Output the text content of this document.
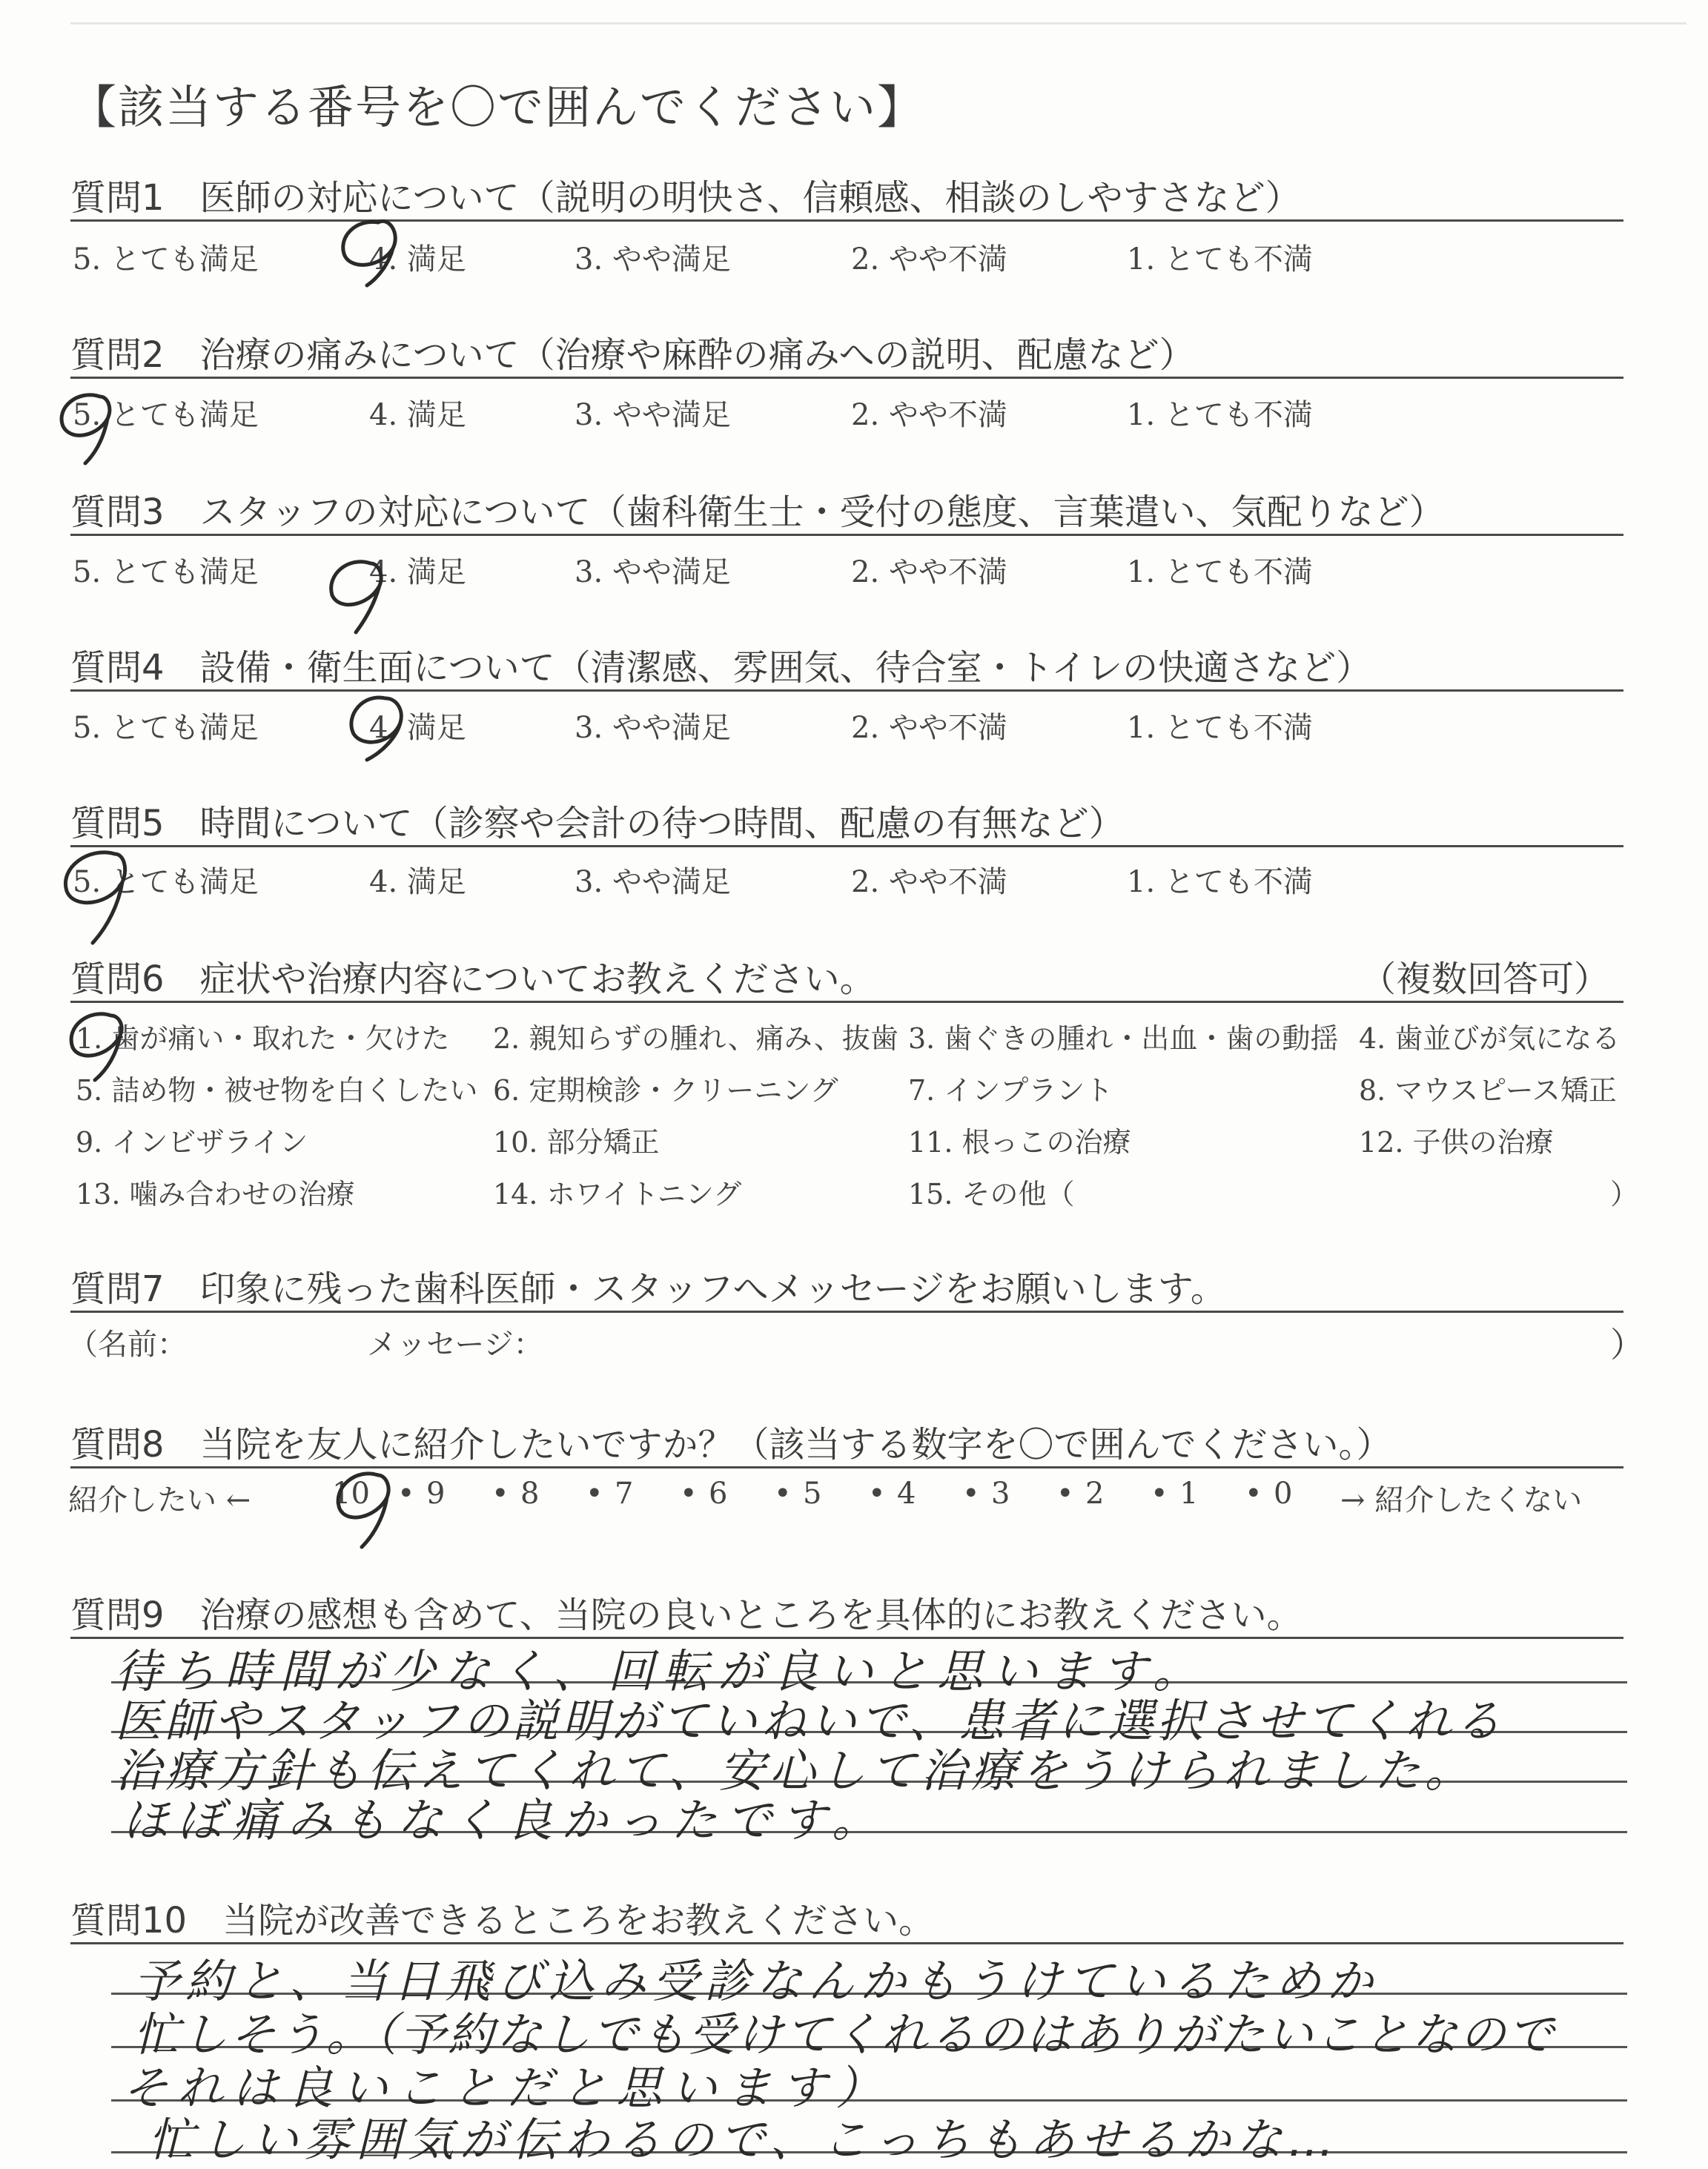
【該当する番号を〇で囲んでください】
質問1　医師の対応について（説明の明快さ、信頼感、相談のしやすさなど）
5. とても満足	4. 満足	3. やや満足	2. やや不満	1. とても不満
質問2　治療の痛みについて（治療や麻酔の痛みへの説明、配慮など）
5. とても満足	4. 満足	3. やや満足	2. やや不満	1. とても不満
質問3　スタッフの対応について（歯科衛生士・受付の態度、言葉遣い、気配りなど）
5. とても満足	4. 満足	3. やや満足	2. やや不満	1. とても不満
質問4　設備・衛生面について（清潔感、雰囲気、待合室・トイレの快適さなど）
5. とても満足	4. 満足	3. やや満足	2. やや不満	1. とても不満
質問5　時間について（診察や会計の待つ時間、配慮の有無など）
5. とても満足	4. 満足	3. やや満足	2. やや不満	1. とても不満
質問6　症状や治療内容についてお教えください。	（複数回答可）
1. 歯が痛い・取れた・欠けた 2. 親知らずの腫れ、痛み、抜歯 3. 歯ぐきの腫れ・出血・歯の動揺 4. 歯並びが気になる
5. 詰め物・被せ物を白くしたい 6. 定期検診・クリーニング 7. インプラント	8. マウスピース矯正
9. インビザライン	10. 部分矯正	11. 根っこの治療	12. 子供の治療
13. 噛み合わせの治療	14. ホワイトニング	15. その他（	）
質問7　印象に残った歯科医師・スタッフへメッセージをお願いします。
（名前：	メッセージ：	）
質問8　当院を友人に紹介したいですか？（該当する数字を〇で囲んでください。）
紹介したい ←	→ 紹介したくない
10 • 9 • 8 • 7 • 6 • 5 • 4 • 3 • 2 • 1 • 0
質問9　治療の感想も含めて、当院の良いところを具体的にお教えください。
待ち時間が少なく、回転が良いと思います。
医師やスタッフの説明がていねいで、患者に選択させてくれる
治療方針も伝えてくれて、安心して治療をうけられました。
ほぼ痛みもなく良かったです。
質問10　当院が改善できるところをお教えください。
予約と、当日飛び込み受診なんかもうけているためか
忙しそう。（予約なしでも受けてくれるのはありがたいことなので
それは良いことだと思います）
忙しい雰囲気が伝わるので、こっちもあせるかな…
